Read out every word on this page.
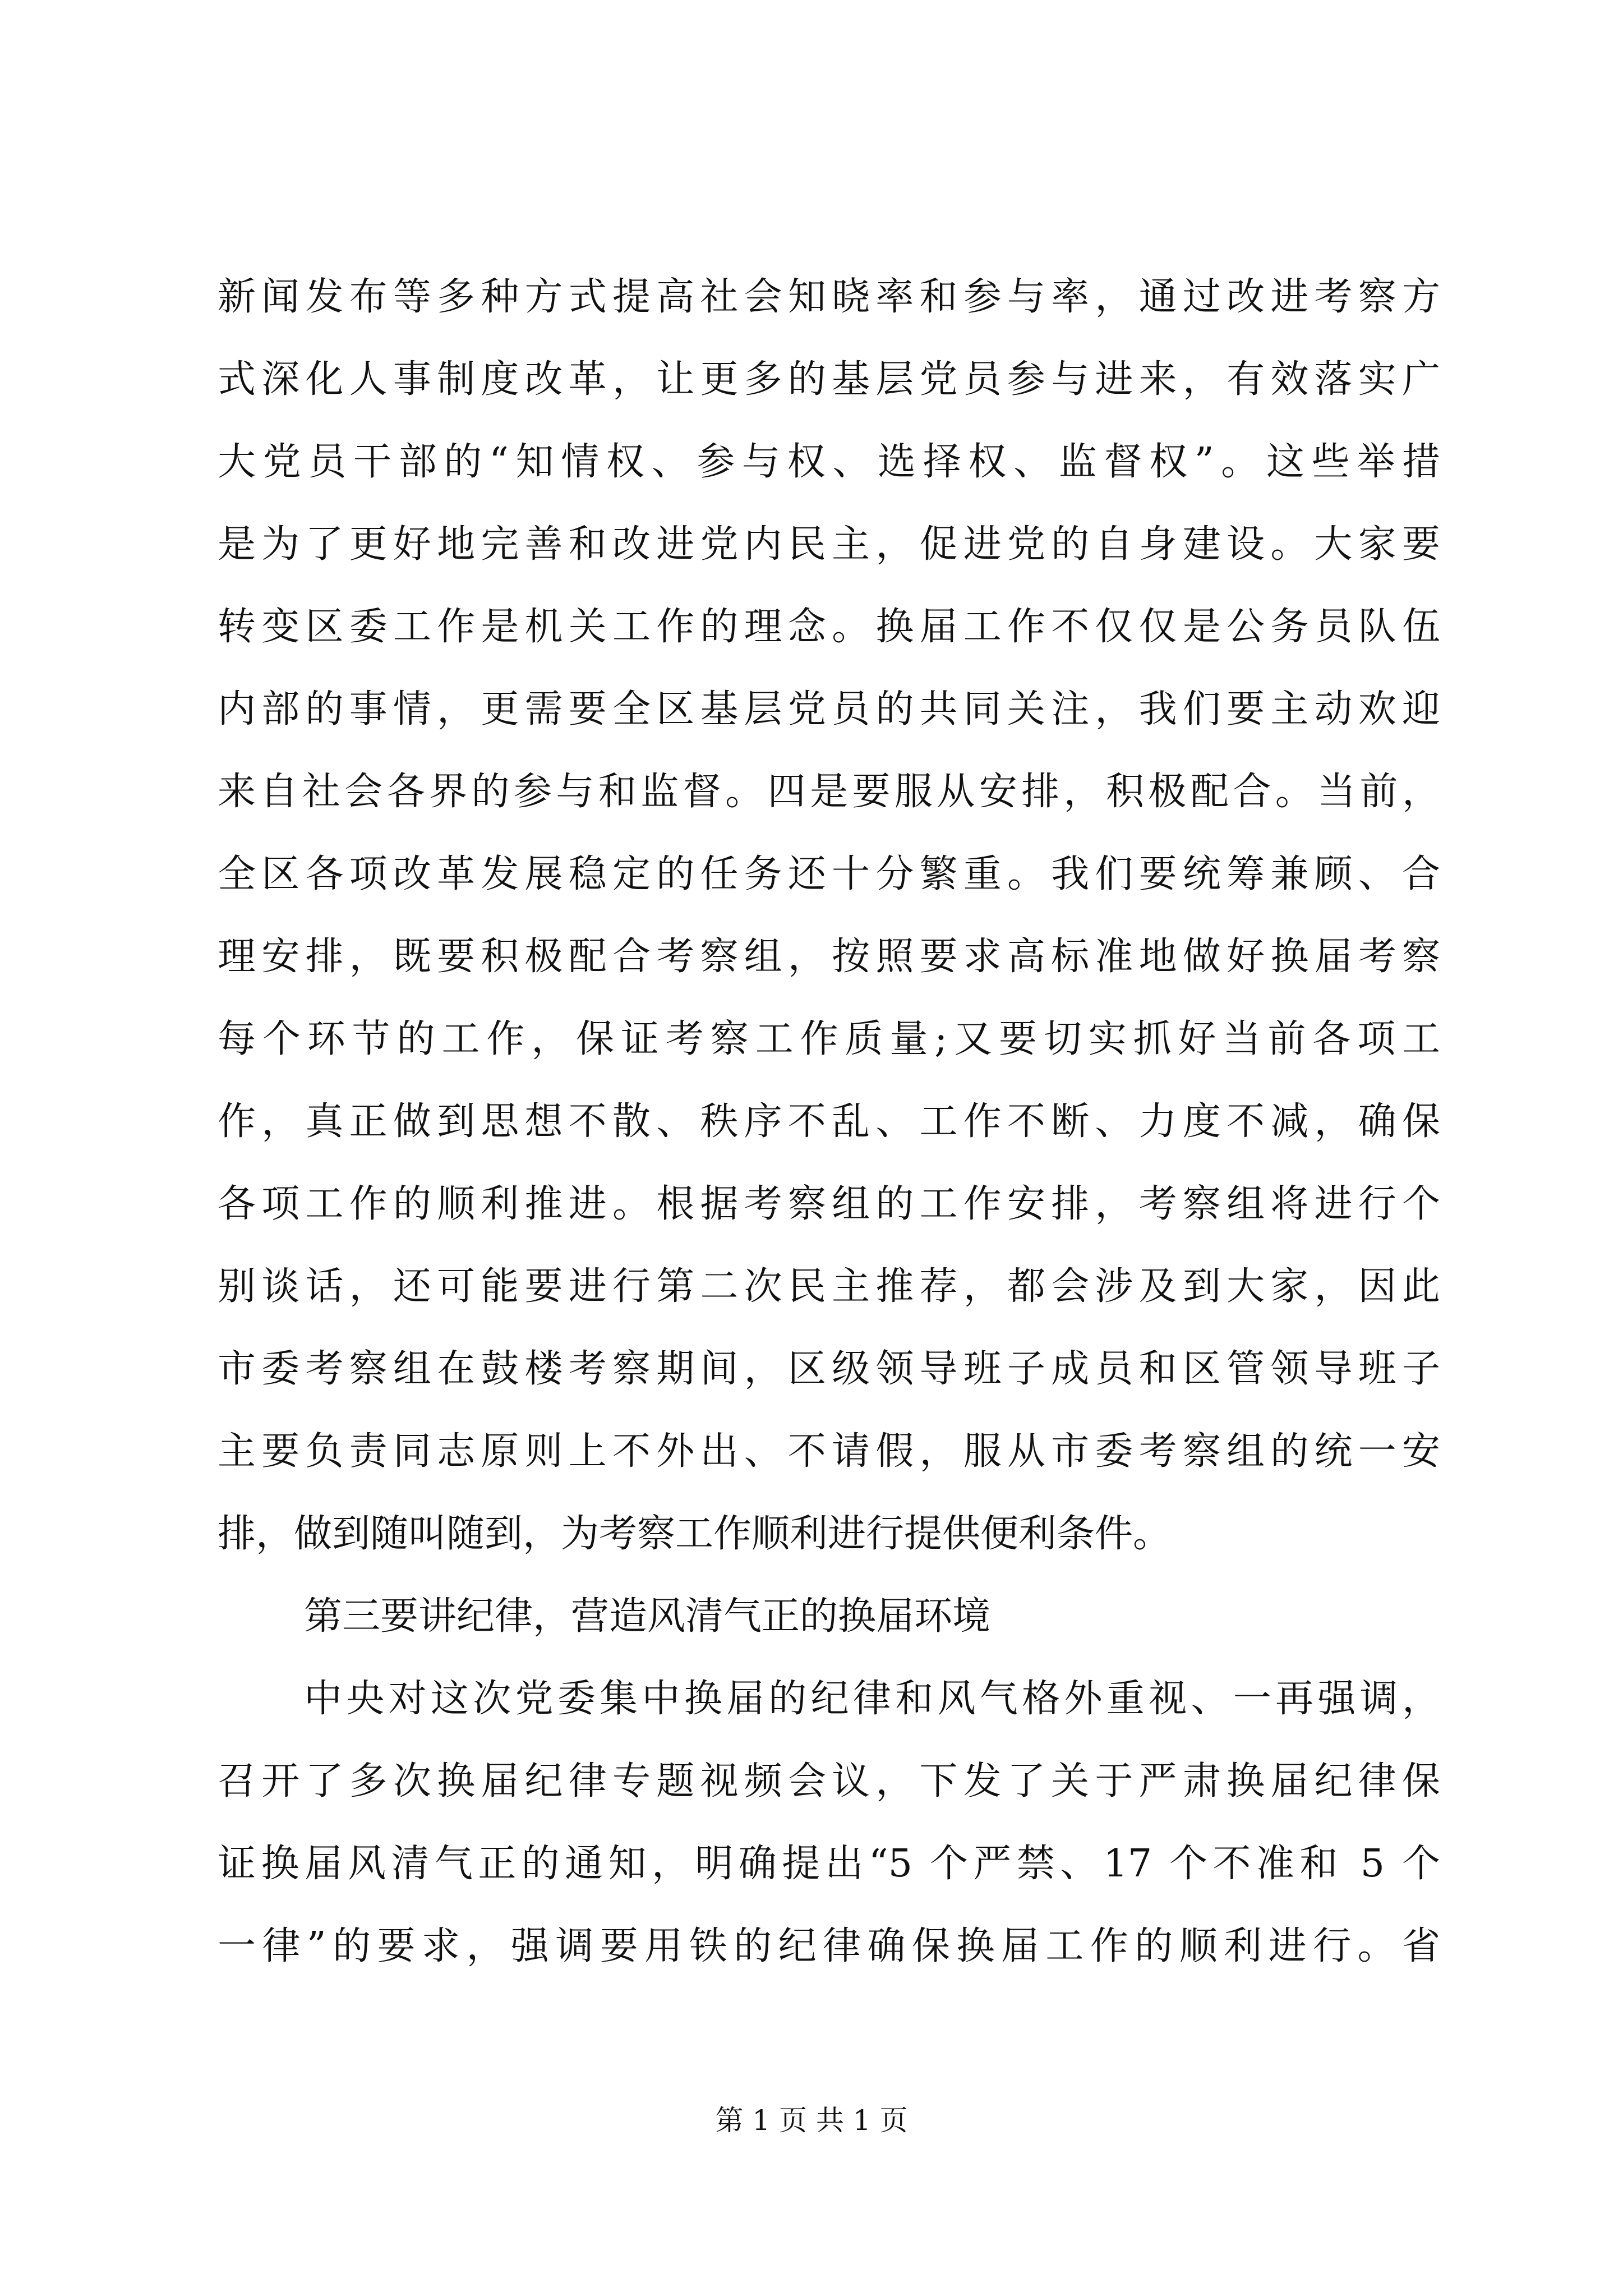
新闻发布等多种方式提高社会知晓率和参与率，通过改进考察方
式深化人事制度改革，让更多的基层党员参与进来，有效落实广
大党员干部的“知情权、参与权、选择权、监督权”。这些举措
是为了更好地完善和改进党内民主，促进党的自身建设。大家要
转变区委工作是机关工作的理念。换届工作不仅仅是公务员队伍
内部的事情，更需要全区基层党员的共同关注，我们要主动欢迎
来自社会各界的参与和监督。四是要服从安排，积极配合。当前，
全区各项改革发展稳定的任务还十分繁重。我们要统筹兼顾、合
理安排，既要积极配合考察组，按照要求高标准地做好换届考察
每个环节的工作，保证考察工作质量;又要切实抓好当前各项工
作，真正做到思想不散、秩序不乱、工作不断、力度不减，确保
各项工作的顺利推进。根据考察组的工作安排，考察组将进行个
别谈话，还可能要进行第二次民主推荐，都会涉及到大家，因此
市委考察组在鼓楼考察期间，区级领导班子成员和区管领导班子
主要负责同志原则上不外出、不请假，服从市委考察组的统一安
排，做到随叫随到，为考察工作顺利进行提供便利条件。
第三要讲纪律，营造风清气正的换届环境
中央对这次党委集中换届的纪律和风气格外重视、一再强调，
召开了多次换届纪律专题视频会议，下发了关于严肃换届纪律保
证换届风清气正的通知，明确提出“5 个严禁、17 个不准和 5 个
一律”的要求，强调要用铁的纪律确保换届工作的顺利进行。省
第 1 页 共 1 页
